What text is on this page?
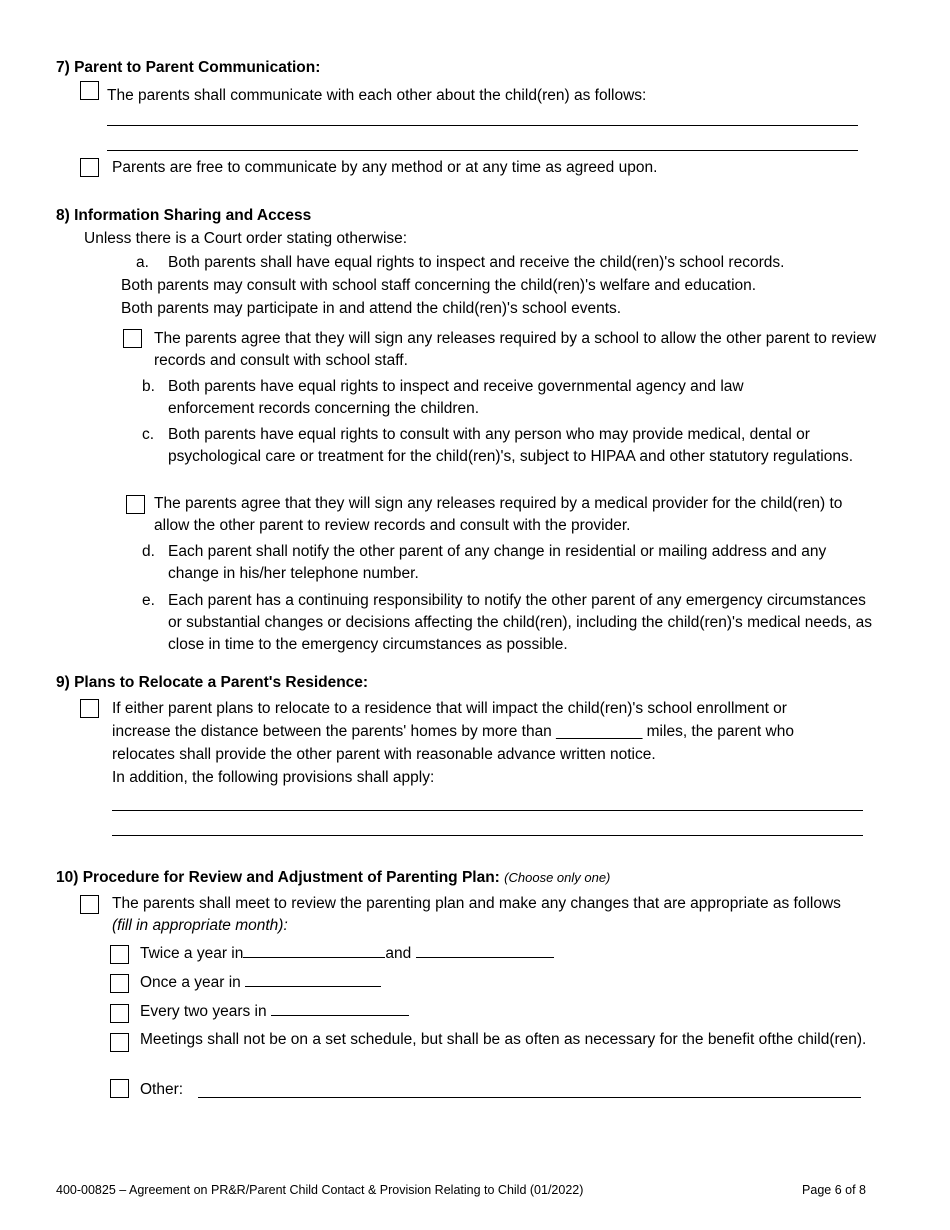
7) Parent to Parent Communication:
The parents shall communicate with each other about the child(ren) as follows:
Parents are free to communicate by any method or at any time as agreed upon.
8) Information Sharing and Access
Unless there is a Court order stating otherwise:
a. Both parents shall have equal rights to inspect and receive the child(ren)'s school records.
Both parents may consult with school staff concerning the child(ren)'s welfare and education.
Both parents may participate in and attend the child(ren)'s school events.
The parents agree that they will sign any releases required by a school to allow the other parent to review records and consult with school staff.
b. Both parents have equal rights to inspect and receive governmental agency and law enforcement records concerning the children.
c. Both parents have equal rights to consult with any person who may provide medical, dental or psychological care or treatment for the child(ren)'s, subject to HIPAA and other statutory regulations.
The parents agree that they will sign any releases required by a medical provider for the child(ren) to allow the other parent to review records and consult with the provider.
d. Each parent shall notify the other parent of any change in residential or mailing address and any change in his/her telephone number.
e. Each parent has a continuing responsibility to notify the other parent of any emergency circumstances or substantial changes or decisions affecting the child(ren), including the child(ren)'s medical needs, as close in time to the emergency circumstances as possible.
9) Plans to Relocate a Parent's Residence:
If either parent plans to relocate to a residence that will impact the child(ren)'s school enrollment or
increase the distance between the parents' homes by more than __________ miles, the parent who
relocates shall provide the other parent with reasonable advance written notice.
In addition, the following provisions shall apply:
10) Procedure for Review and Adjustment of Parenting Plan: (Choose only one)
The parents shall meet to review the parenting plan and make any changes that are appropriate as follows (fill in appropriate month):
Twice a year in	and
Once a year in
Every two years in
Meetings shall not be on a set schedule, but shall be as often as necessary for the benefit ofthe child(ren).
Other:
400-00825 – Agreement on PR&R/Parent Child Contact & Provision Relating to Child (01/2022)	Page 6 of 8
